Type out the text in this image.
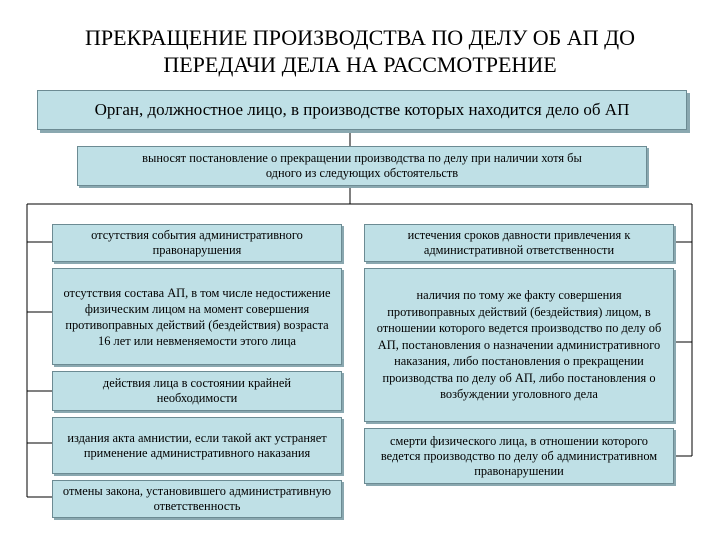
ПРЕКРАЩЕНИЕ ПРОИЗВОДСТВА ПО ДЕЛУ ОБ АП ДО
ПЕРЕДАЧИ ДЕЛА НА РАССМОТРЕНИЕ
Орган, должностное лицо, в производстве которых находится дело об АП
выносят постановление о прекращении производства по делу при наличии хотя бы одного из следующих обстоятельств
отсутствия события административного правонарушения
отсутствия состава АП, в том числе недостижение физическим лицом на момент совершения противоправных действий (бездействия) возраста 16 лет или невменяемости этого лица
действия лица в состоянии крайней необходимости
издания акта амнистии, если такой акт устраняет применение административного наказания
отмены закона, установившего административную ответственность
истечения сроков давности привлечения к административной ответственности
наличия по тому же факту совершения противоправных действий (бездействия) лицом, в отношении которого ведется производство по делу об АП, постановления о назначении административного наказания, либо постановления о прекращении производства по делу об АП, либо постановления о возбуждении уголовного дела
смерти физического лица, в отношении которого ведется производство по делу об административном правонарушении
